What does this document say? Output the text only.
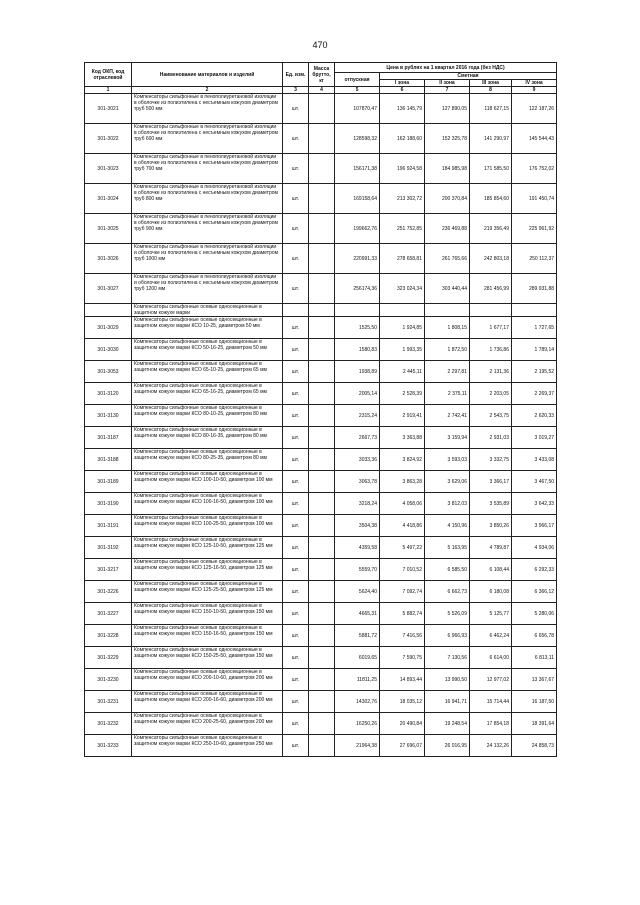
470
Код ОКП, код отраслевой	Наименование материалов и изделий	Ед. изм.	Масса брутто, кг	Цена в рублях на 1 квартал 2016 года (без НДС)				
				отпускная	Сметная			
					I зона	II зона	III зона	IV зона
1	2	3	4	5	6	7	8	9
301-3021	Компенсаторы сильфонные в пенополиуретановой изоляции в оболочке из полиэтилена с несъемным кожухом диаметром труб 500 мм	шт.		107870,47	136 145,79	127 890,05	118 627,15	122 187,26
301-3022	Компенсаторы сильфонные в пенополиуретановой изоляции в оболочке из полиэтилена с несъемным кожухом диаметром труб 600 мм	шт.		128598,32	162 188,60	152 325,78	141 290,97	145 544,43
301-3023	Компенсаторы сильфонные в пенополиуретановой изоляции в оболочке из полиэтилена с несъемным кожухом диаметром труб 700 мм	шт.		156171,38	196 924,58	184 985,98	171 585,50	176 752,02
301-3024	Компенсаторы сильфонные в пенополиуретановой изоляции в оболочке из полиэтилена с несъемным кожухом диаметром труб 800 мм	шт.		169158,64	213 302,72	200 370,84	185 854,60	191 450,74
301-3025	Компенсаторы сильфонные в пенополиуретановой изоляции в оболочке из полиэтилена с несъемным кожухом диаметром труб 900 мм	шт.		199662,76	251 752,85	236 469,88	219 356,49	225 961,92
301-3026	Компенсаторы сильфонные в пенополиуретановой изоляции и оболочке из полиэтилена с несъемным кожухом диаметром труб 1000 мм	шт.		220991,33	278 658,81	261 765,66	242 803,18	250 112,37
301-3027	Компенсаторы сильфонные в пенополиуретановой изоляции и оболочке из полиэтилена с несъемным кожухом диаметром труб 1200 мм	шт.		256174,36	323 024,34	303 440,44	281 456,99	289 931,88
	Компенсаторы сильфонные осевые односекционные в защитном кожухе марки							
301-3029	Компенсаторы сильфонные осевые односекционные в защитном кожухе марки КСО 10-25, диаметром 50 мм	шт.		1525,50	1 924,85	1 808,15	1 677,17	1 727,65
301-3030	Компенсаторы сильфонные осевые односекционные в защитном кожухе марки КСО 50-16-25, диаметром 50 мм	шт.		1580,83	1 993,35	1 872,50	1 736,86	1 789,14
301-3053	Компенсаторы сильфонные осевые односекционные в защитном кожухе марки КСО 65-10-25, диаметром 65 мм	шт.		1938,89	2 445,11	2 297,81	2 131,36	2 195,52
301-3120	Компенсаторы сильфонные осевые односекционные в защитном кожухе марки КСО 65-16-25, диаметром 65 мм	шт.		2005,14	2 528,39	2 375,11	2 203,05	2 269,37
301-3130	Компенсаторы сильфонные осевые односекционные в защитном кожухе марки КСО 80-10-25, диаметром 80 мм	шт.		2315,24	2 919,41	2 742,41	2 543,75	2 620,33
301-3187	Компенсаторы сильфонные осевые односекционные в защитном кожухе марки КСО 80-16-35, диаметром 80 мм	шт.		2667,73	3 363,88	3 159,94	2 931,03	3 019,27
301-3188	Компенсаторы сильфонные осевые односекционные в защитном кожухе марки КСО 80-25-35, диаметром 80 мм	шт.		3033,36	3 824,92	3 593,03	3 332,75	3 433,08
301-3189	Компенсаторы сильфонные осевые односекционные в защитном кожухе марки КСО 100-10-50, диаметром 100 мм	шт.		3063,78	3 863,28	3 629,06	3 366,17	3 467,50
301-3190	Компенсаторы сильфонные осевые односекционные в защитном кожухе марки КСО 100-16-50, диаметром 100 мм	шт.		3218,24	4 058,06	3 812,03	3 535,89	3 642,33
301-3191	Компенсаторы сильфонные осевые односекционные в защитном кожухе марки КСО 100-25-50, диаметром 100 мм	шт.		3504,38	4 418,86	4 150,96	3 850,26	3 966,17
301-3192	Компенсаторы сильфонные осевые односекционные в защитном кожухе марки КСО 125-10-50, диаметром 125 мм	шт.		4359,58	5 497,22	5 163,95	4 789,87	4 934,06
301-3217	Компенсаторы сильфонные осевые односекционные в защитном кожухе марки КСО 125-16-50, диаметром 125 мм	шт.		5559,70	7 010,52	6 585,50	6 108,44	6 292,33
301-3226	Компенсаторы сильфонные осевые односекционные в защитном кожухе марки КСО 125-25-50, диаметром 125 мм	шт.		5624,40	7 092,74	6 662,73	6 180,08	6 366,12
301-3227	Компенсаторы сильфонные осевые односекционные в защитном кожухе марки КСО 150-10-50, диаметром 150 мм	шт.		4665,31	5 882,74	5 526,09	5 125,77	5 280,06
301-3228	Компенсаторы сильфонные осевые односекционные в защитном кожухе марки КСО 150-16-50, диаметром 150 мм	шт.		5881,72	7 416,56	6 966,93	6 462,24	6 656,78
301-3229	Компенсаторы сильфонные осевые односекционные в защитном кожухе марки КСО 150-25-50, диаметром 150 мм	шт.		6019,65	7 590,75	7 130,56	6 614,00	6 813,11
301-3230	Компенсаторы сильфонные осевые односекционные в защитном кожухе марки КСО 200-10-60, диаметром 200 мм	шт.		11811,25	14 893,44	13 990,50	12 977,02	13 367,67
301-3231	Компенсаторы сильфонные осевые односекционные в защитном кожухе марки КСО 200-16-60, диаметром 200 мм	шт.		14302,76	18 035,12	16 941,71	15 714,44	16 187,50
301-3232	Компенсаторы сильфонные осевые односекционные в защитном кожухе марки КСО 200-25-60, диаметром 200 мм	шт.		16250,26	20 490,84	19 248,54	17 854,18	18 391,64
301-3233	Компенсаторы сильфонные осевые односекционные в защитном кожухе марки КСО 250-10-60, диаметром 250 мм	шт.		21964,38	27 696,07	26 016,95	24 132,26	24 858,73
